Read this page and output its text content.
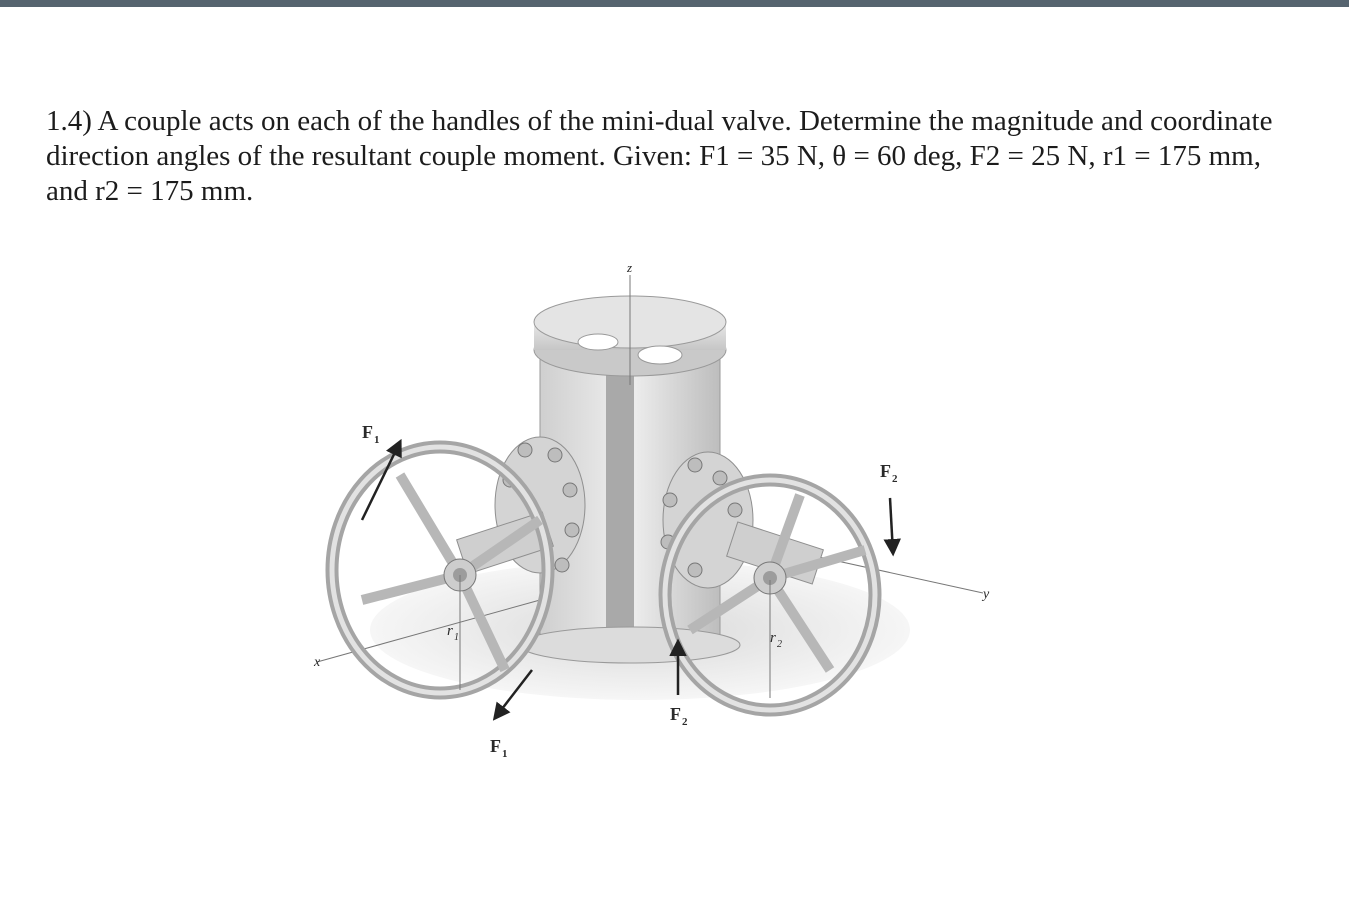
1.4) A couple acts on each of the handles of the mini-dual valve. Determine the magnitude and coordinate direction angles of the resultant couple moment. Given: F1 = 35 N, θ = 60 deg, F2 = 25 N, r1 = 175 mm, and r2 = 175 mm.

z
x
y
F 1
F 1
F 2
F 2
r 1	r 2
